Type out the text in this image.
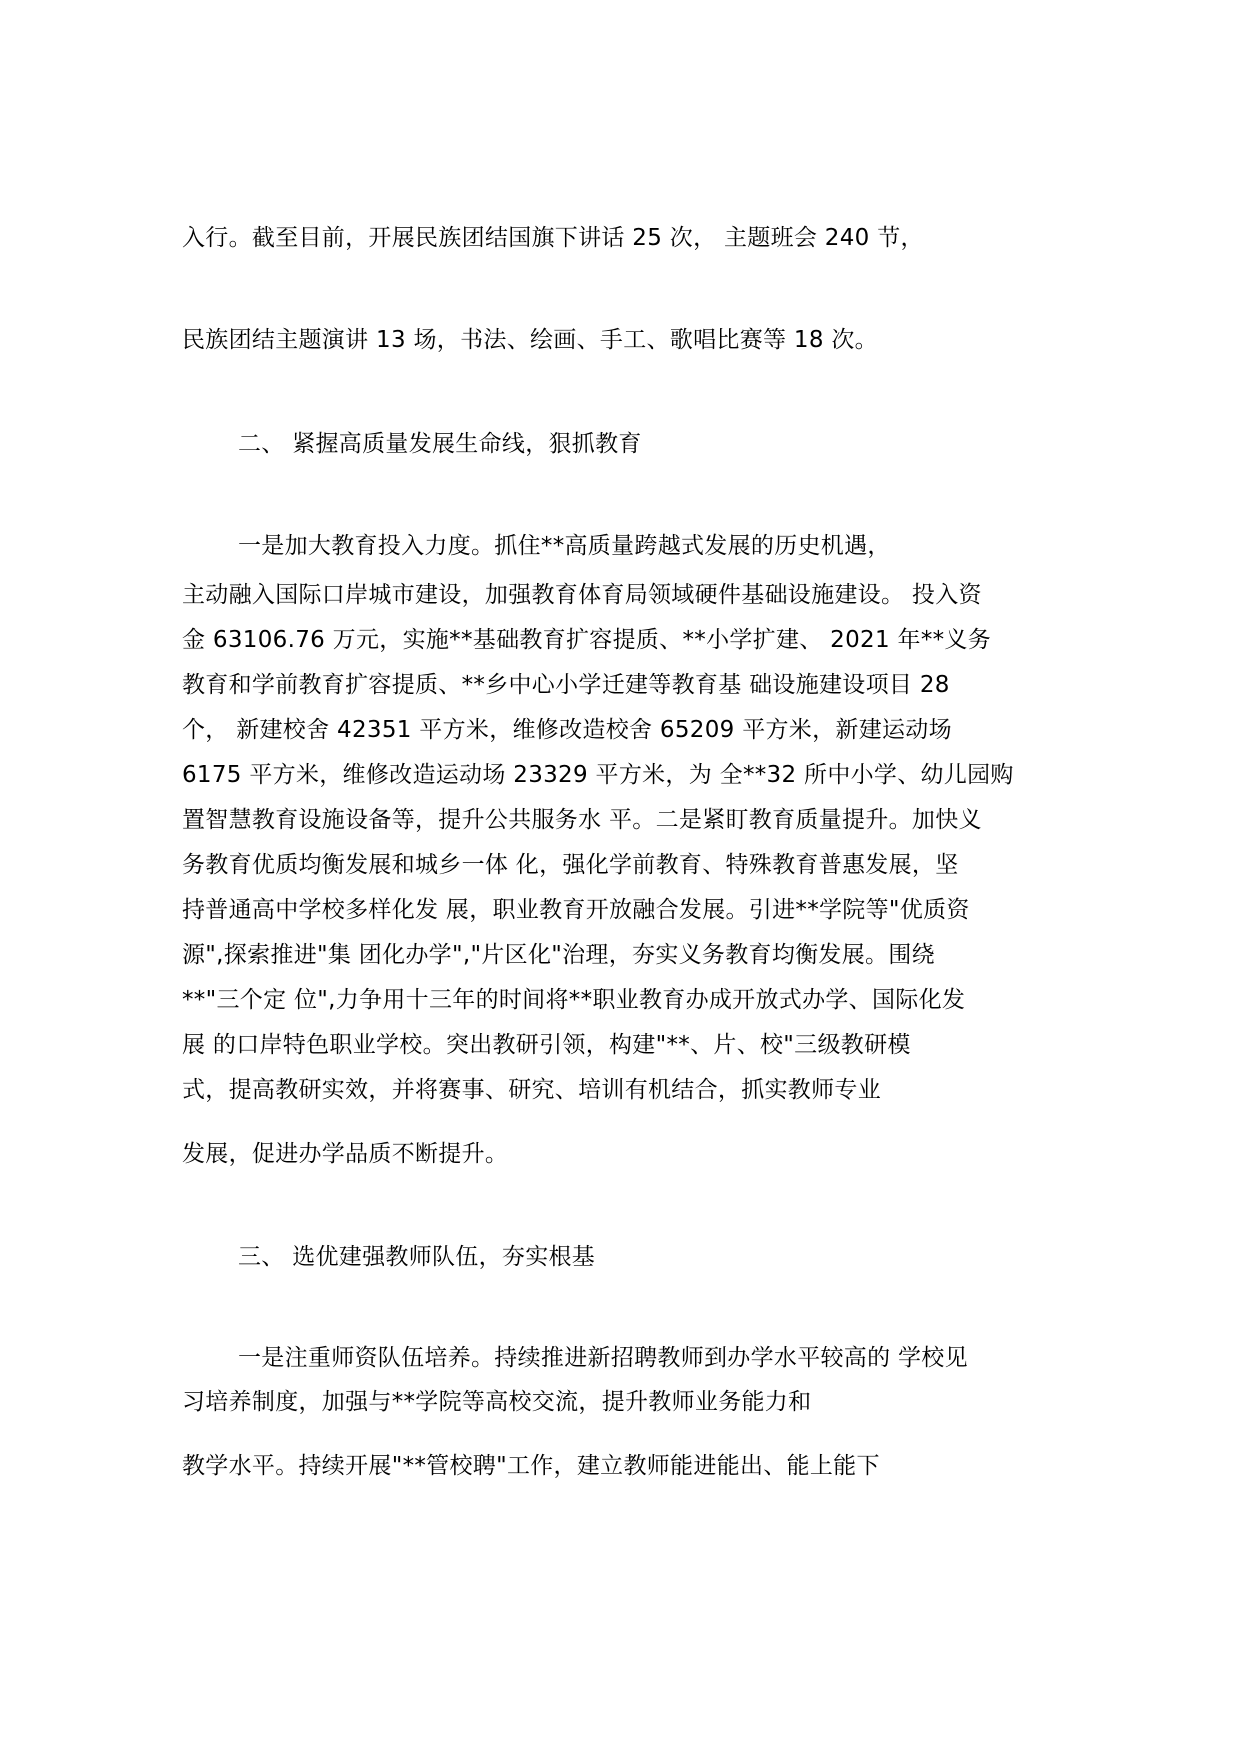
入行。截至目前，开展民族团结国旗下讲话 25 次， 主题班会 240 节，
民族团结主题演讲 13 场，书法、绘画、手工、歌唱比赛等 18 次。
二、 紧握高质量发展生命线，狠抓教育
一是加大教育投入力度。抓住**高质量跨越式发展的历史机遇，
主动融入国际口岸城市建设，加强教育体育局领域硬件基础设施建设。 投入资
金 63106.76 万元，实施**基础教育扩容提质、**小学扩建、 2021 年**义务
教育和学前教育扩容提质、**乡中心小学迁建等教育基 础设施建设项目 28
个， 新建校舍 42351 平方米，维修改造校舍 65209 平方米，新建运动场
6175 平方米，维修改造运动场 23329 平方米，为 全**32 所中小学、幼儿园购
置智慧教育设施设备等，提升公共服务水 平。二是紧盯教育质量提升。加快义
务教育优质均衡发展和城乡一体 化，强化学前教育、特殊教育普惠发展，坚
持普通高中学校多样化发 展，职业教育开放融合发展。引进**学院等"优质资
源",探索推进"集 团化办学","片区化"治理，夯实义务教育均衡发展。围绕
**"三个定 位",力争用十三年的时间将**职业教育办成开放式办学、国际化发
展 的口岸特色职业学校。突出教研引领，构建"**、片、校"三级教研模
式，提高教研实效，并将赛事、研究、培训有机结合，抓实教师专业
发展，促进办学品质不断提升。
三、 选优建强教师队伍，夯实根基
一是注重师资队伍培养。持续推进新招聘教师到办学水平较高的 学校见
习培养制度，加强与**学院等高校交流，提升教师业务能力和
教学水平。持续开展"**管校聘"工作，建立教师能进能出、能上能下
